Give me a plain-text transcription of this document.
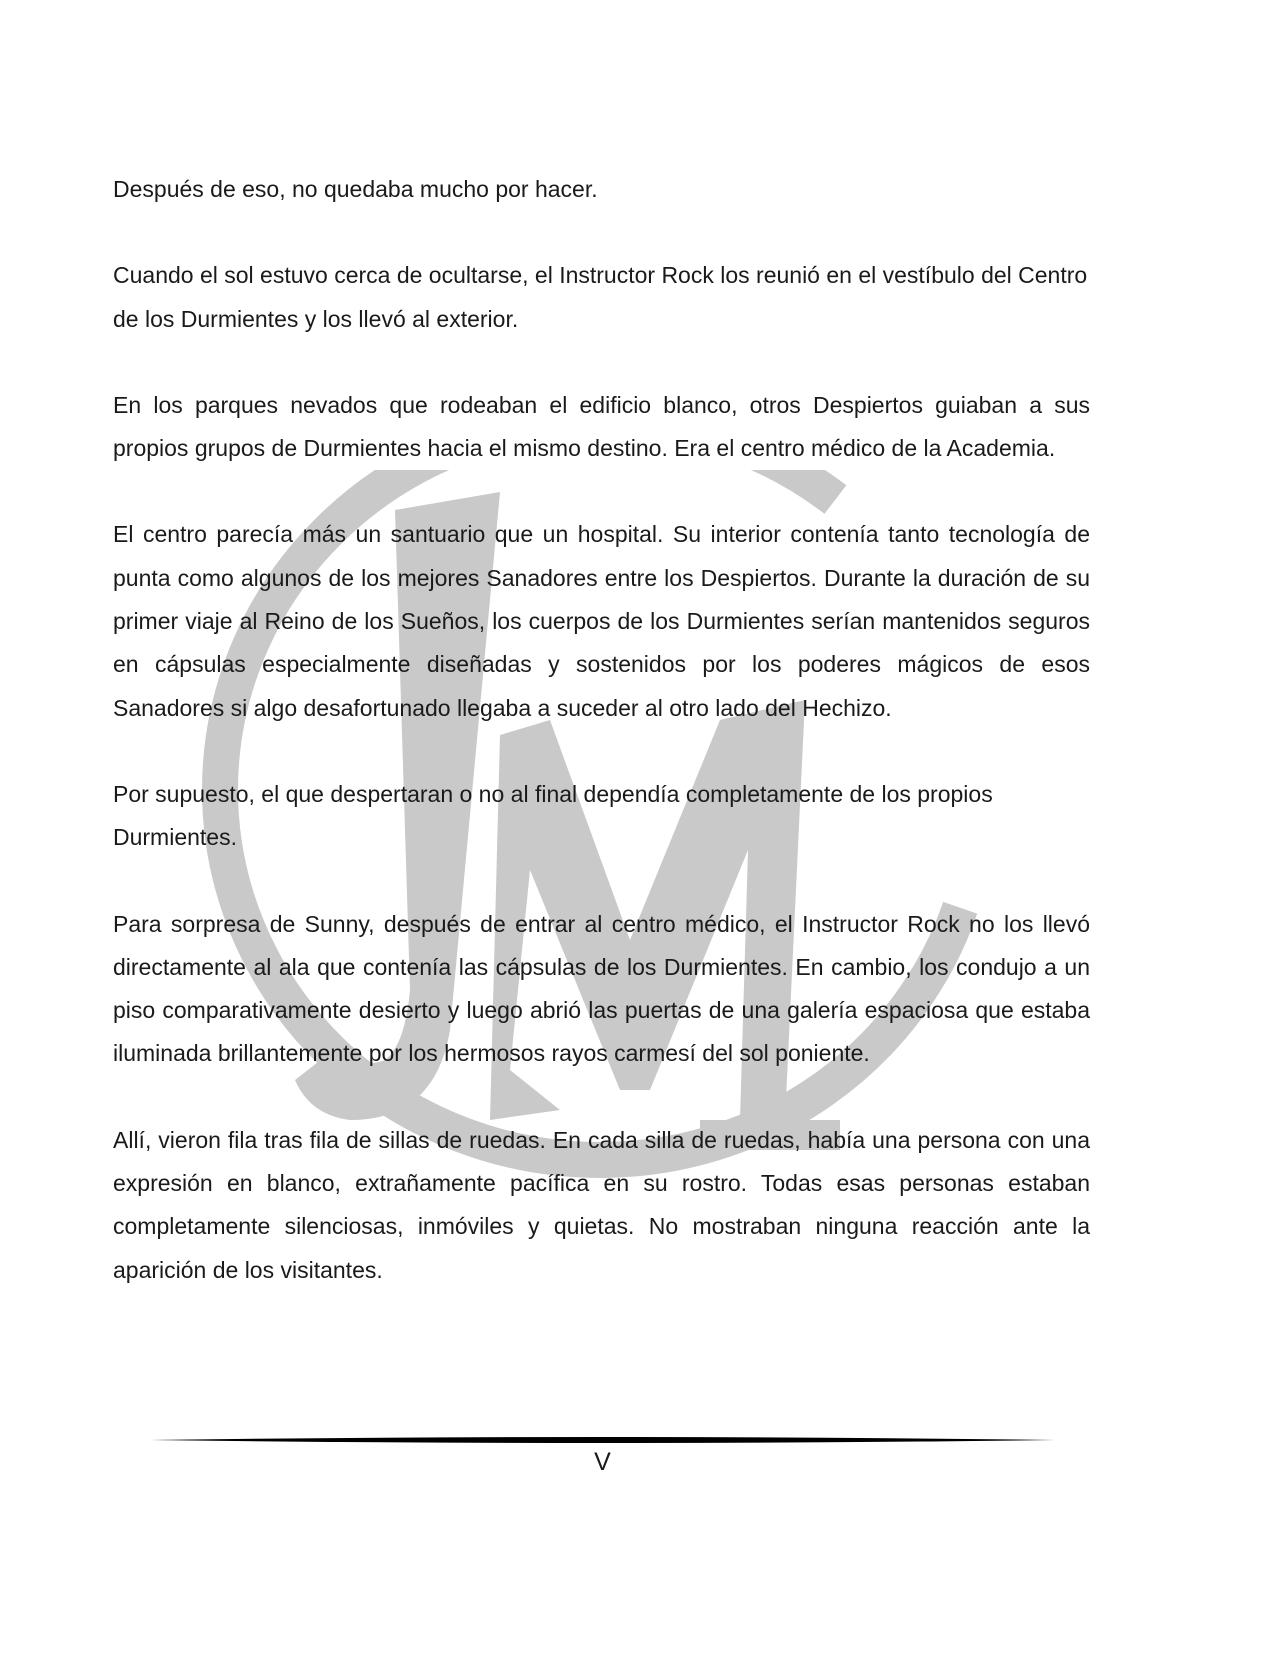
Después de eso, no quedaba mucho por hacer.

Cuando el sol estuvo cerca de ocultarse, el Instructor Rock los reunió en el vestíbulo del Centro de los Durmientes y los llevó al exterior.

En los parques nevados que rodeaban el edificio blanco, otros Despiertos guiaban a sus propios grupos de Durmientes hacia el mismo destino. Era el centro médico de la Academia.

El centro parecía más un santuario que un hospital. Su interior contenía tanto tecnología de punta como algunos de los mejores Sanadores entre los Despiertos. Durante la duración de su primer viaje al Reino de los Sueños, los cuerpos de los Durmientes serían mantenidos seguros en cápsulas especialmente diseñadas y sostenidos por los poderes mágicos de esos Sanadores si algo desafortunado llegaba a suceder al otro lado del Hechizo.

Por supuesto, el que despertaran o no al final dependía completamente de los propios Durmientes.

Para sorpresa de Sunny, después de entrar al centro médico, el Instructor Rock no los llevó directamente al ala que contenía las cápsulas de los Durmientes. En cambio, los condujo a un piso comparativamente desierto y luego abrió las puertas de una galería espaciosa que estaba iluminada brillantemente por los hermosos rayos carmesí del sol poniente.

Allí, vieron fila tras fila de sillas de ruedas. En cada silla de ruedas, había una persona con una expresión en blanco, extrañamente pacífica en su rostro. Todas esas personas estaban completamente silenciosas, inmóviles y quietas. No mostraban ninguna reacción ante la aparición de los visitantes.

V
